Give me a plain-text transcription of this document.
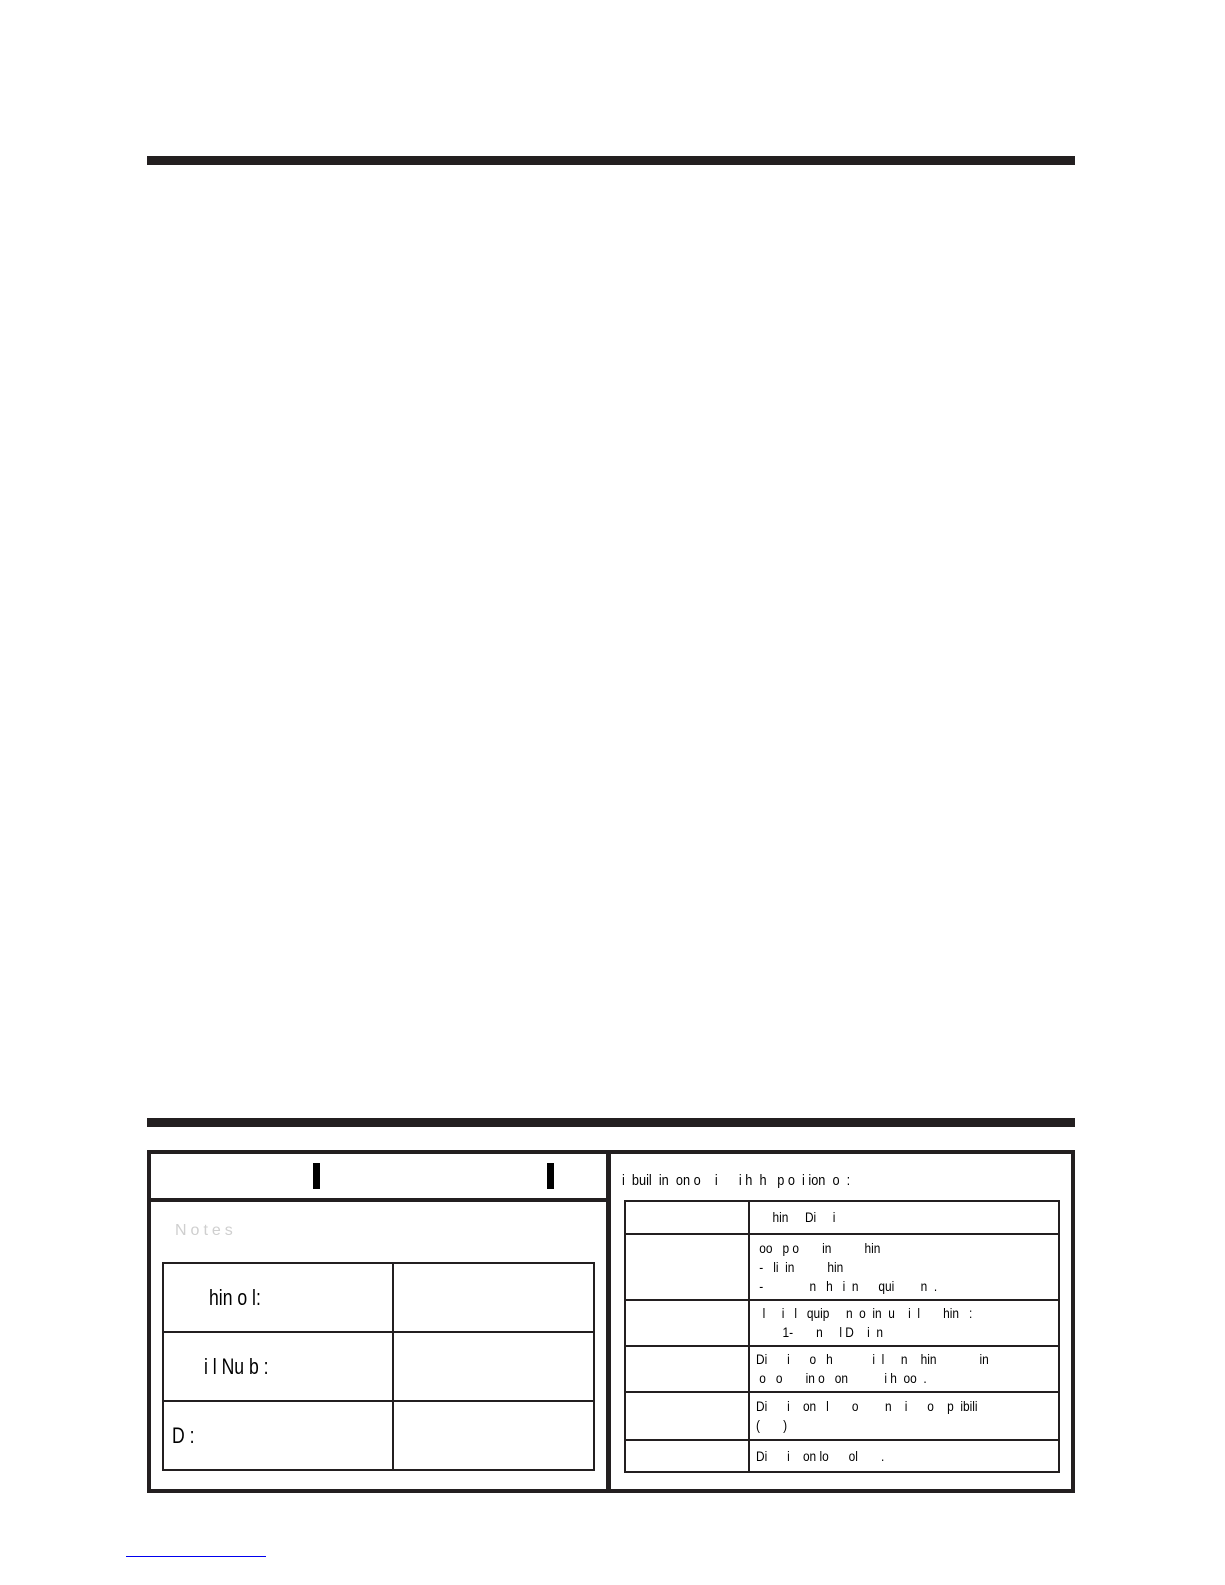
Notes
hin o l:	
i l Nu b :	
D :	
i  buil  in  on o    i      i h  h   p o  i ion  o  :

	hin     Di     i

	oo   p o       in          hin
-   li  in          hin
-              n   h   i  n      qui        n  .

	l     i   l   quip     n  o  in  u    i  l       hin   :
1-       n     l D    i  n

	Di      i      o   h            i  l     n    hin             in
o   o       in o   on           i h  oo  .

	Di      i    on   l       o        n    i      o    p  ibili
(       )

	Di      i    on lo      ol       .
